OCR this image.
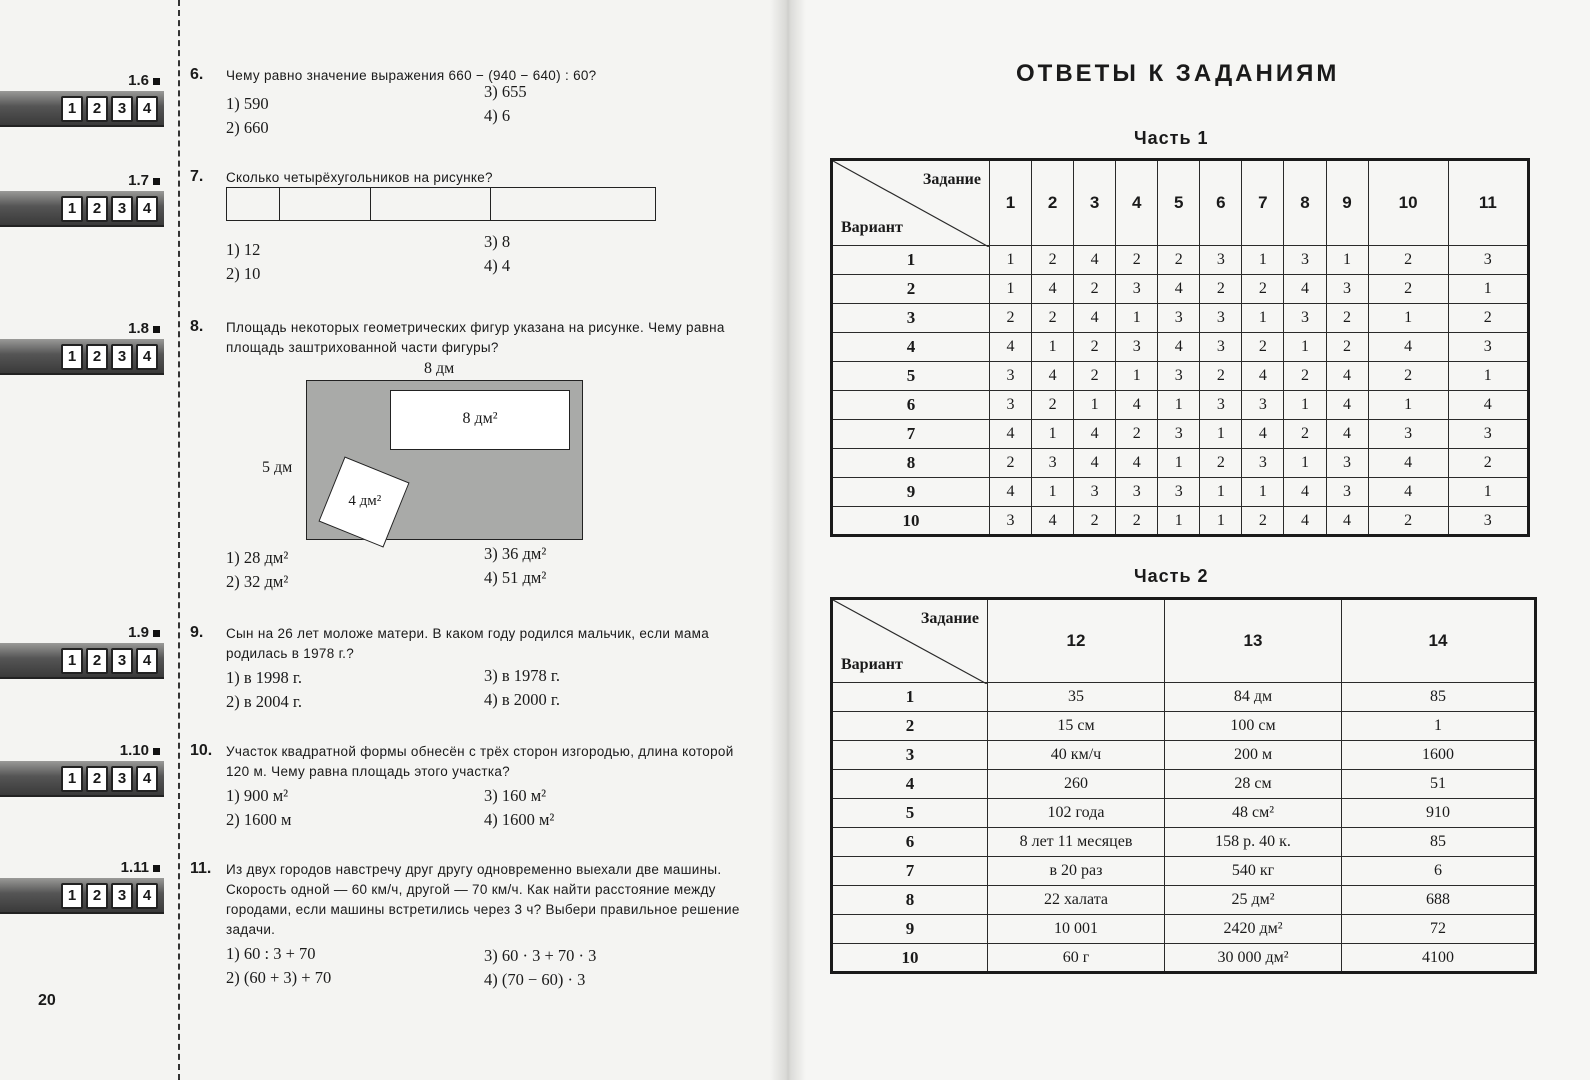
1.6
1	2	3	4
1.7
1	2	3	4
1.8
1	2	3	4
1.9
1	2	3	4
1.10
1	2	3	4
1.11
1	2	3	4
6. Чему равно значение выражения 660 − (940 − 640) : 60?
1) 590
2) 660
3) 655
4) 6
7. Сколько четырёхугольников на рисунке?
1) 12
2) 10
3) 8
4) 4
8. Площадь некоторых геометрических фигур указана на рисунке. Чему равна площадь заштрихованной части фигуры?
8 дм
5 дм
8 дм²
4 дм²
1) 28 дм²
2) 32 дм²
3) 36 дм²
4) 51 дм²
9. Сын на 26 лет моложе матери. В каком году родился мальчик, если мама родилась в 1978 г.?
1) в 1998 г.
2) в 2004 г.
3) в 1978 г.
4) в 2000 г.
10. Участок квадратной формы обнесён с трёх сторон изгородью, длина которой 120 м. Чему равна площадь этого участка?
1) 900 м²
2) 1600 м
3) 160 м²
4) 1600 м²
11. Из двух городов навстречу друг другу одновременно выехали две машины. Скорость одной — 60 км/ч, другой — 70 км/ч. Как найти расстояние между городами, если машины встретились через 3 ч? Выбери правильное решение задачи.
1) 60 : 3 + 70
2) (60 + 3) + 70
3) 60 · 3 + 70 · 3
4) (70 − 60) · 3
20
ОТВЕТЫ К ЗАДАНИЯМ
Часть 1
Задание
Вариант	1	2	3	4	5	6	7	8	9	10	11
1	1	2	4	2	2	3	1	3	1	2	3
2	1	4	2	3	4	2	2	4	3	2	1
3	2	2	4	1	3	3	1	3	2	1	2
4	4	1	2	3	4	3	2	1	2	4	3
5	3	4	2	1	3	2	4	2	4	2	1
6	3	2	1	4	1	3	3	1	4	1	4
7	4	1	4	2	3	1	4	2	4	3	3
8	2	3	4	4	1	2	3	1	3	4	2
9	4	1	3	3	3	1	1	4	3	4	1
10	3	4	2	2	1	1	2	4	4	2	3
Часть 2
Задание
Вариант	12	13	14
1	35	84 дм	85
2	15 см	100 см	1
3	40 км/ч	200 м	1600
4	260	28 см	51
5	102 года	48 см²	910
6	8 лет 11 месяцев	158 р. 40 к.	85
7	в 20 раз	540 кг	6
8	22 халата	25 дм²	688
9	10 001	2420 дм²	72
10	60 г	30 000 дм²	4100
